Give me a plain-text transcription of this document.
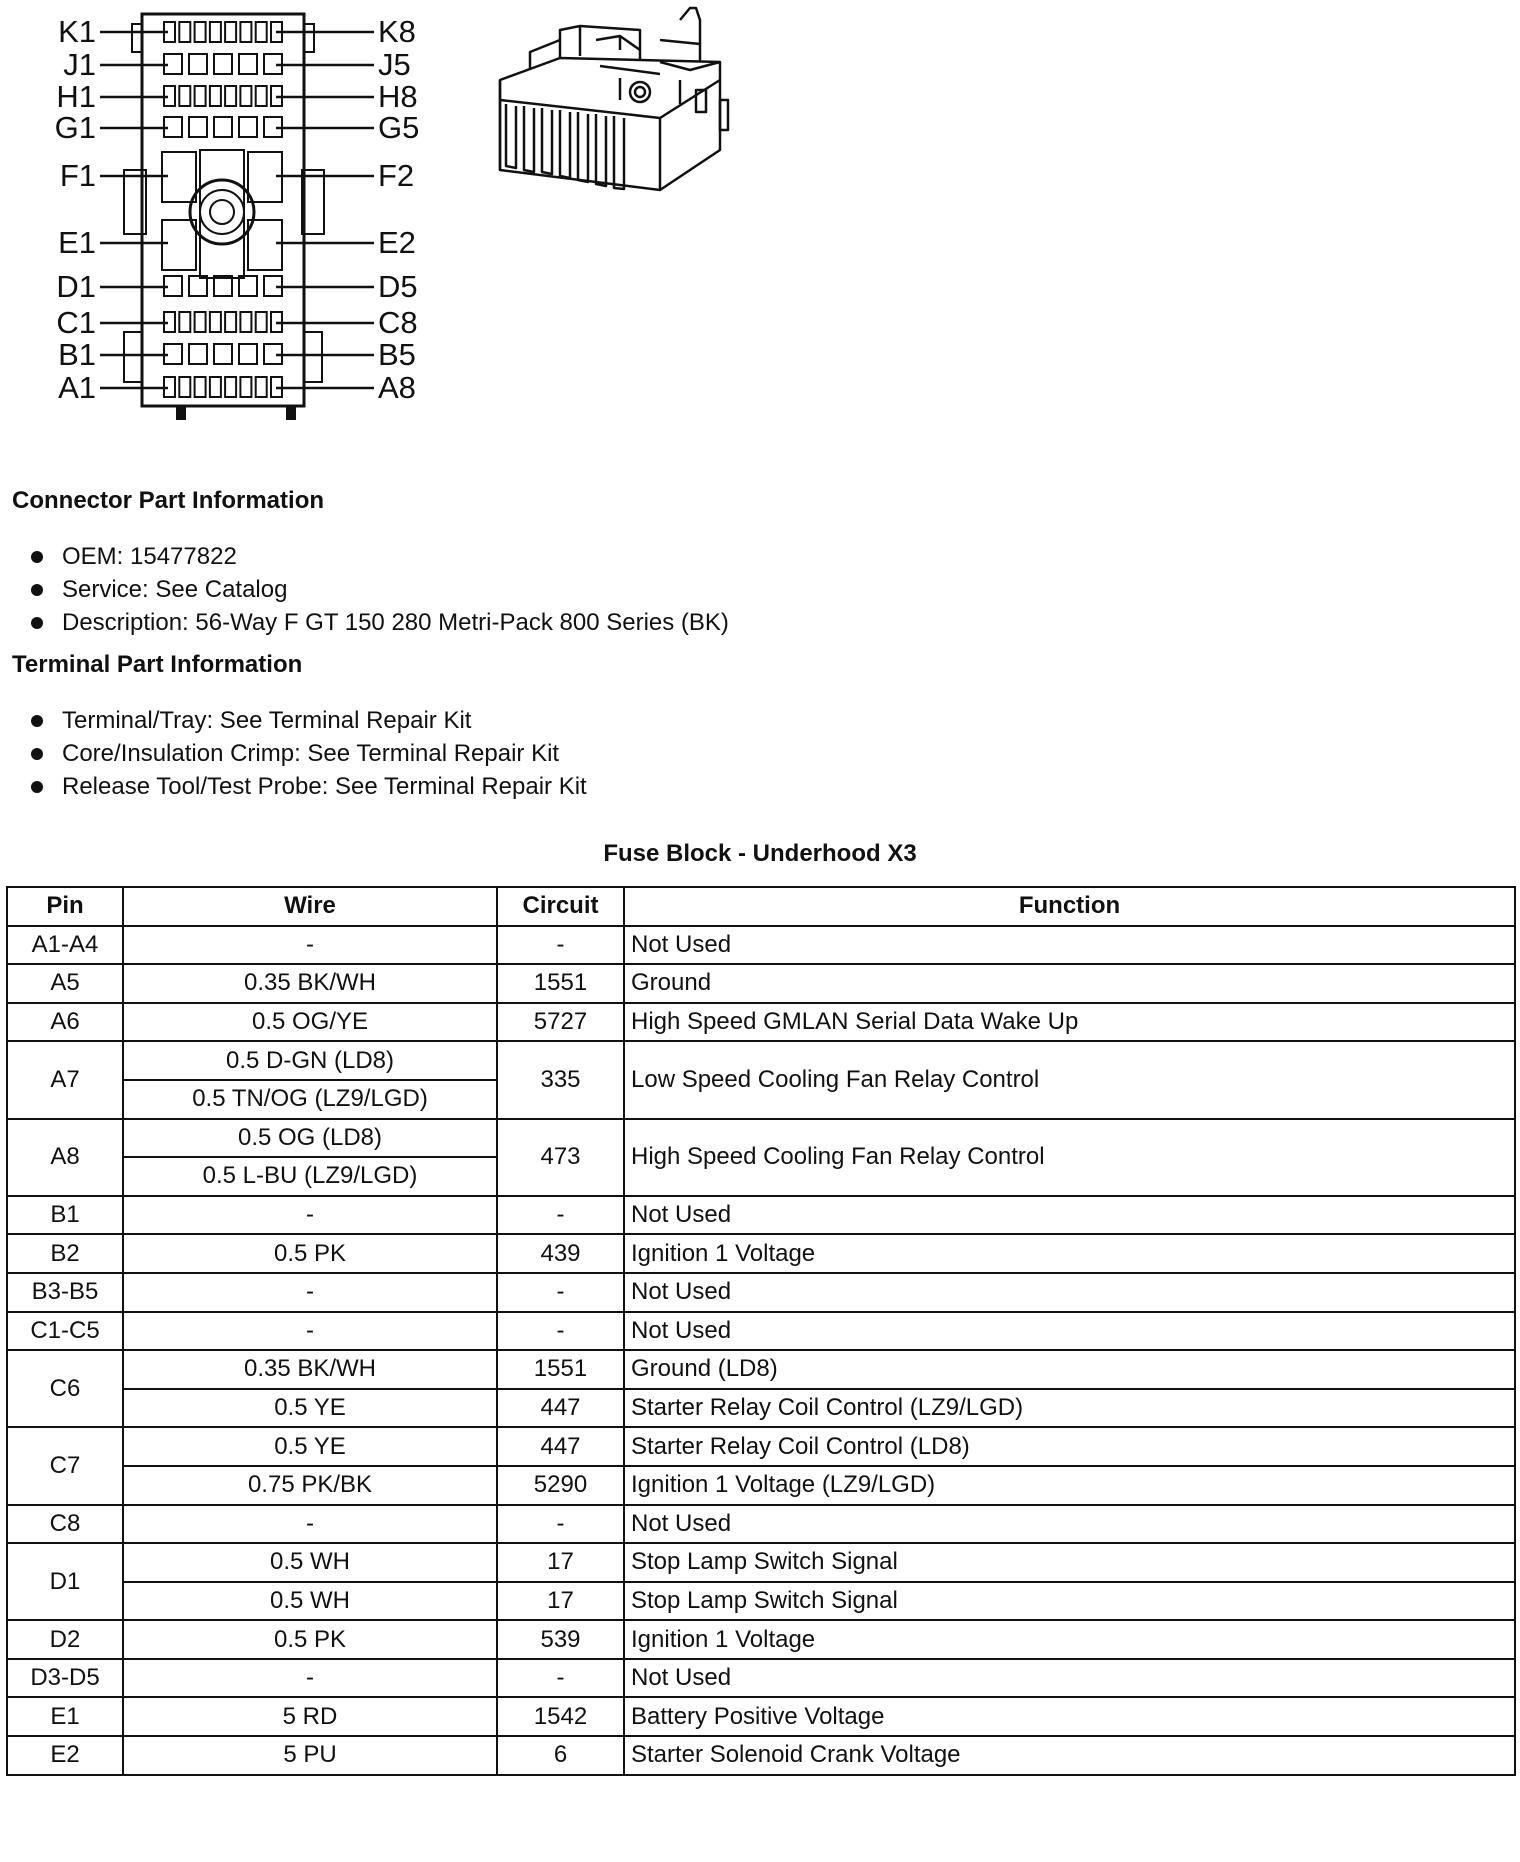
K1
J1
H1
G1
F1
E1
D1
C1
B1
A1
K8
J5
H8
G5
F2
E2
D5
C8
B5
A8
Connector Part Information
OEM: 15477822
Service: See Catalog
Description: 56-Way F GT 150 280 Metri-Pack 800 Series (BK)
Terminal Part Information
Terminal/Tray: See Terminal Repair Kit
Core/Insulation Crimp: See Terminal Repair Kit
Release Tool/Test Probe: See Terminal Repair Kit
Fuse Block - Underhood X3
Pin	Wire	Circuit	Function
A1-A4	-	-	Not Used
A5	0.35 BK/WH	1551	Ground
A6	0.5 OG/YE	5727	High Speed GMLAN Serial Data Wake Up
A7	0.5 D-GN (LD8)	335	Low Speed Cooling Fan Relay Control
	0.5 TN/OG (LZ9/LGD)		
A8	0.5 OG (LD8)	473	High Speed Cooling Fan Relay Control
	0.5 L-BU (LZ9/LGD)		
B1	-	-	Not Used
B2	0.5 PK	439	Ignition 1 Voltage
B3-B5	-	-	Not Used
C1-C5	-	-	Not Used
C6	0.35 BK/WH	1551	Ground (LD8)
	0.5 YE	447	Starter Relay Coil Control (LZ9/LGD)
C7	0.5 YE	447	Starter Relay Coil Control (LD8)
	0.75 PK/BK	5290	Ignition 1 Voltage (LZ9/LGD)
C8	-	-	Not Used
D1	0.5 WH	17	Stop Lamp Switch Signal
	0.5 WH	17	Stop Lamp Switch Signal
D2	0.5 PK	539	Ignition 1 Voltage
D3-D5	-	-	Not Used
E1	5 RD	1542	Battery Positive Voltage
E2	5 PU	6	Starter Solenoid Crank Voltage
